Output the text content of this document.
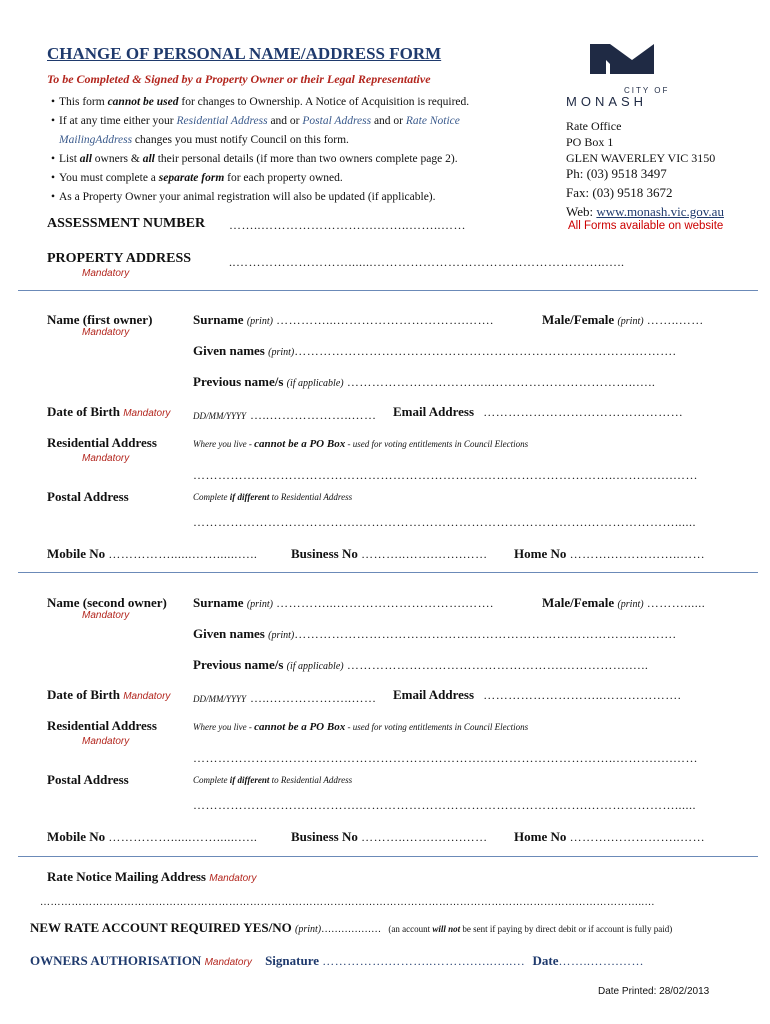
CHANGE OF PERSONAL NAME/ADDRESS FORM
To be Completed & Signed by a Property Owner or their Legal Representative
• This form cannot be used for changes to Ownership. A Notice of Acquisition is required.
• If at any time either your Residential Address and or Postal Address and or Rate Notice
MailingAddress changes you must notify Council on this form.
• List all owners & all their personal details (if more than two owners complete page 2).
• You must complete a separate form for each property owned.
• As a Property Owner your animal registration will also be updated (if applicable).
CITY OF
MONASH
Rate Office
PO Box 1
GLEN WAVERLEY VIC 3150
Ph: (03) 9518 3497
Fax: (03) 9518 3672
Web: www.monash.vic.gov.au
All Forms available on website
ASSESSMENT NUMBER ……..……………………….……..……..……
PROPERTY ADDRESS
Mandatory
..……………………….......………………………………………………..…..
Name (first owner)
Mandatory
Surname (print) …………...………………………….…….	Male/Female (print) ……..……
Given names (print)……………………………………………………………………….……….
Previous name/s (if applicable) ……………………………..……………………………..…..
Date of Birth Mandatory	DD/MM/YYYY …..………………..…… Email Address …………………………………………
Residential Address
Mandatory
Where you live - cannot be a PO Box - used for voting entitlements in Council Elections
…………………………………………………………….…………………………..……….….……
Postal Address	Complete if different to Residential Address
………………………………….……………………………………………….…………………......
Mobile No ……………......……......…..	Business No ………..…….…….…… Home No ……….……………..……
Name (second owner)
Mandatory
Surname (print) …………...………………………….…….	Male/Female (print) ………......
Given names (print)……………………………………………………………………….……….
Previous name/s (if applicable) …………………………………………….…………….…..
Date of Birth Mandatory	DD/MM/YYYY …..………………..…… Email Address ………………………..……………….
Residential Address
Mandatory
Where you live - cannot be a PO Box - used for voting entitlements in Council Elections
…………………………………………………………….…………………………..……….….……
Postal Address	Complete if different to Residential Address
………………………………….……………………………………………….…………………......
Mobile No ……………......……......…..	Business No ………..…….…….…… Home No ……….……………..……
Rate Notice Mailing Address Mandatory
………………………………………………………………………………………………………………………………………………………..…
NEW RATE ACCOUNT REQUIRED YES/NO (print)……………… (an account will not be sent if paying by direct debit or if account is fully paid)
OWNERS AUTHORISATION Mandatory Signature …………….………..……….…..…..… Date……..…….……
Date Printed: 28/02/2013
